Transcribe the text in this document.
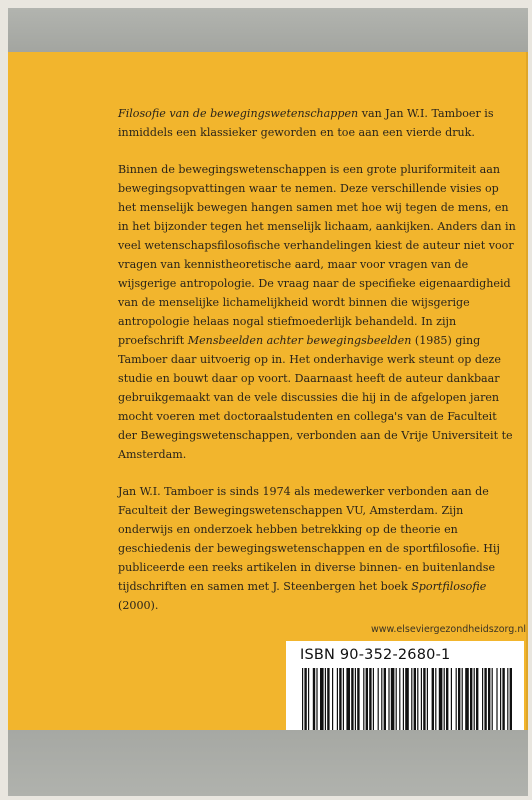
Filosofie van de bewegingswetenschappen van Jan W.I. Tamboer is inmiddels een klassieker geworden en toe aan een vierde druk.

Binnen de bewegingswetenschappen is een grote pluriformiteit aan bewegingsopvattingen waar te nemen. Deze verschillende visies op het menselijk bewegen hangen samen met hoe wij tegen de mens, en in het bijzonder tegen het menselijk lichaam, aankijken. Anders dan in veel wetenschapsfilosofische verhandelingen kiest de auteur niet voor vragen van kennistheoretische aard, maar voor vragen van de wijsgerige antropologie. De vraag naar de specifieke eigenaardigheid van de menselijke lichamelijkheid wordt binnen die wijsgerige antropologie helaas nogal stiefmoederlijk behandeld. In zijn proefschrift Mensbeelden achter bewegingsbeelden (1985) ging Tamboer daar uitvoerig op in. Het onderhavige werk steunt op deze studie en bouwt daar op voort. Daarnaast heeft de auteur dankbaar gebruikgemaakt van de vele discussies die hij in de afgelopen jaren mocht voeren met doctoraalstudenten en collega's van de Faculteit der Bewegingswetenschappen, verbonden aan de Vrije Universiteit te Amsterdam.

Jan W.I. Tamboer is sinds 1974 als medewerker verbonden aan de Faculteit der Bewegingswetenschappen VU, Amsterdam. Zijn onderwijs en onderzoek hebben betrekking op de theorie en geschiedenis der bewegingswetenschappen en de sportfilosofie. Hij publiceerde een reeks artikelen in diverse binnen- en buitenlandse tijdschriften en samen met J. Steenbergen het boek Sportfilosofie (2000).

www.elseviergezondheidszorg.nl
ISBN 90-352-2680-1
